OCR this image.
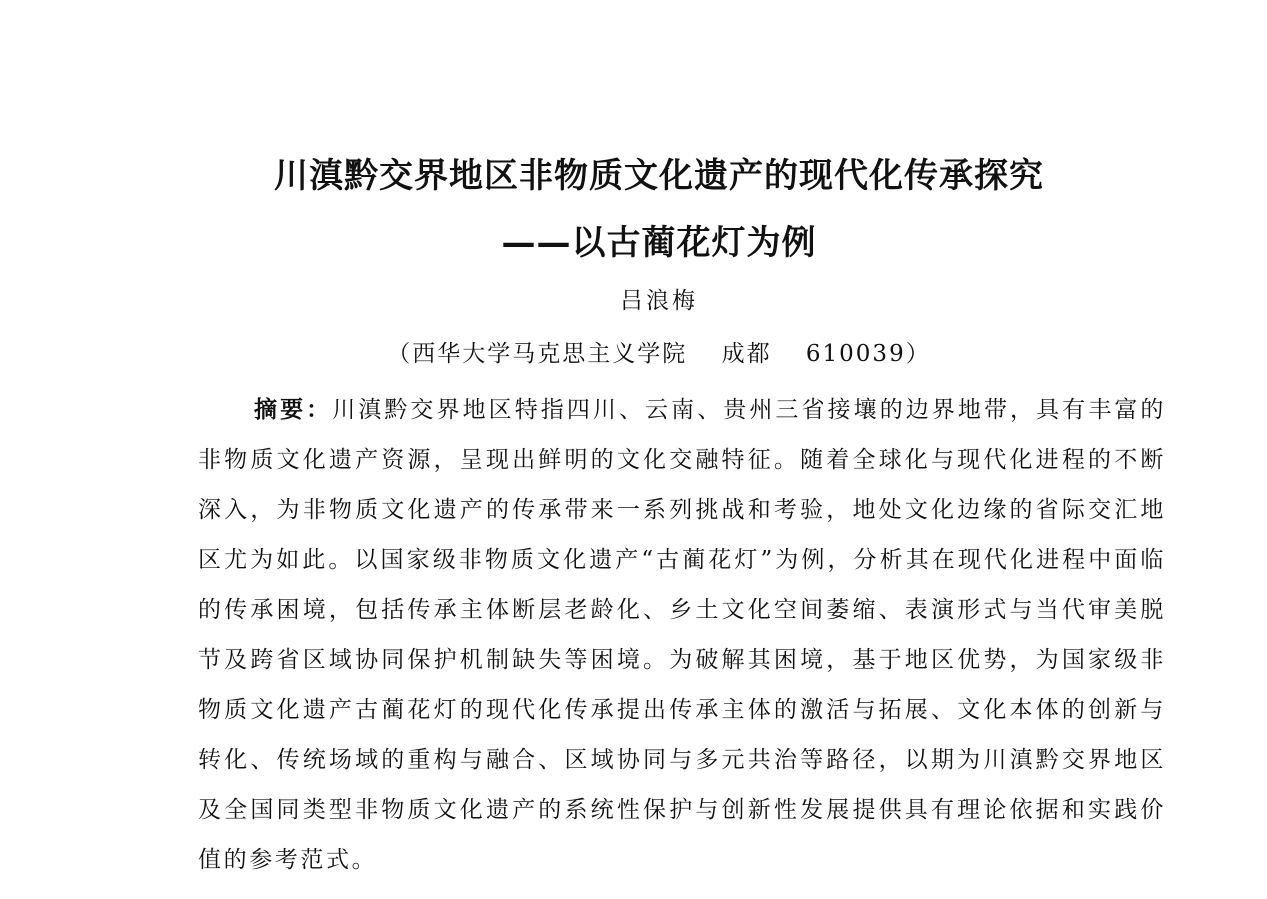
川滇黔交界地区非物质文化遗产的现代化传承探究
——以古蔺花灯为例
吕浪梅
（西华大学马克思主义学院　 成都　 610039）
摘要：川滇黔交界地区特指四川、云南、贵州三省接壤的边界地带，具有丰富的非物质文化遗产资源，呈现出鲜明的文化交融特征。随着全球化与现代化进程的不断深入，为非物质文化遗产的传承带来一系列挑战和考验，地处文化边缘的省际交汇地区尤为如此。以国家级非物质文化遗产“古蔺花灯”为例，分析其在现代化进程中面临的传承困境，包括传承主体断层老龄化、乡土文化空间萎缩、表演形式与当代审美脱节及跨省区域协同保护机制缺失等困境。为破解其困境，基于地区优势，为国家级非物质文化遗产古蔺花灯的现代化传承提出传承主体的激活与拓展、文化本体的创新与转化、传统场域的重构与融合、区域协同与多元共治等路径，以期为川滇黔交界地区及全国同类型非物质文化遗产的系统性保护与创新性发展提供具有理论依据和实践价值的参考范式。
